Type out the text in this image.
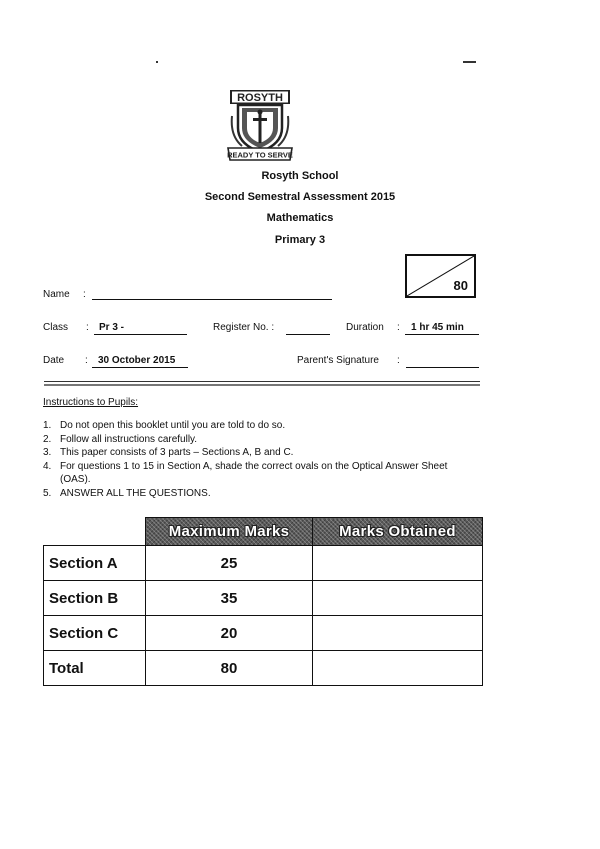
ROSYTH
READY TO SERVE
Rosyth School
Second Semestral Assessment 2015
Mathematics
Primary 3
80
Name :
Class : Pr 3 -	Register No. :	Duration : 1 hr 45 min
Date : 30 October 2015	Parent's Signature :
Instructions to Pupils:
1. Do not open this booklet until you are told to do so.
2. Follow all instructions carefully.
3. This paper consists of 3 parts – Sections A, B and C.
4. For questions 1 to 15 in Section A, shade the correct ovals on the Optical Answer Sheet (OAS).
5. ANSWER ALL THE QUESTIONS.
	Maximum Marks	Marks Obtained
Section A	25	
Section B	35	
Section C	20	
Total	80	
